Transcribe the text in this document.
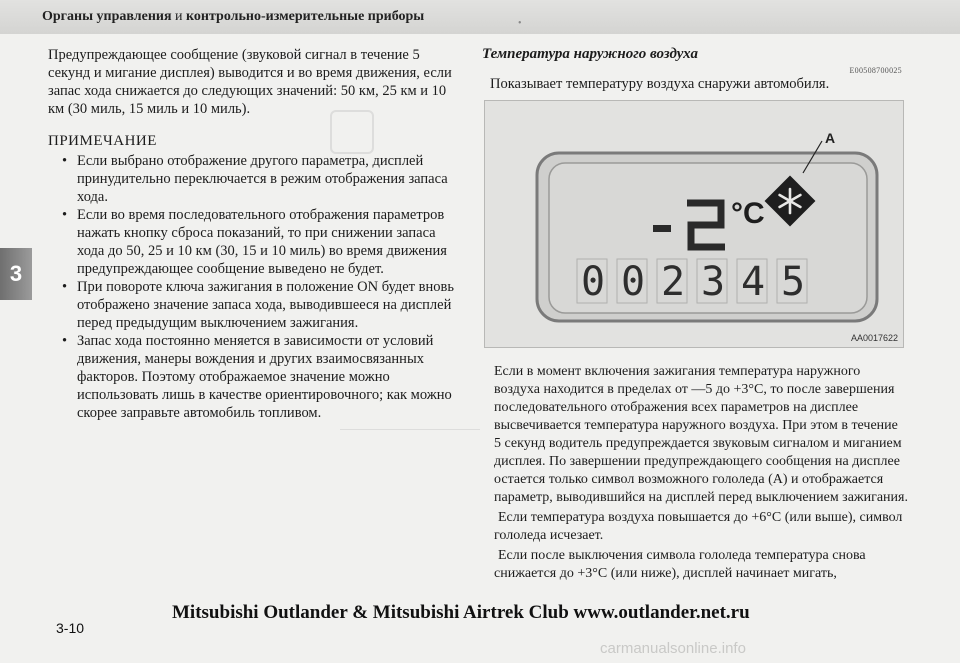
Органы управления и контрольно-измерительные приборы	•
3

Предупреждающее сообщение (звуковой сигнал в течение 5 секунд и мигание дисплея) выводится и во время движения, если запас хода снижается до следующих значений: 50 км, 25 км и 10 км (30 миль, 15 миль и 10 миль).

ПРИМЕЧАНИЕ

• Если выбрано отображение другого параметра, дисплей принудительно переключается в режим отображения запаса хода.
• Если во время последовательного отображения параметров нажать кнопку сброса показаний, то при снижении запаса хода до 50, 25 и 10 км (30, 15 и 10 миль) во время движения предупреждающее сообщение выведено не будет.
• При повороте ключа зажигания в положение ON будет вновь отображено значение запаса хода, выводившееся на дисплей перед предыдущим выключением зажигания.
• Запас хода постоянно меняется в зависимости от условий движения, манеры вождения и других взаимосвязанных факторов. Поэтому отображаемое значение можно использовать лишь в качестве ориентировочного; как можно скорее заправьте автомобиль топливом.
Температура наружного воздуха
E00508700025
Показывает температуру воздуха снаружи автомобиля.
A
°C
0 0 2 3 4 5
AA0017622

Если в момент включения зажигания температура наружного воздуха находится в пределах от —5 до +3°C, то после завершения последовательного отображения всех параметров на дисплее высвечивается температура наружного воздуха. При этом в течение 5 секунд водитель предупреждается звуковым сигналом и миганием дисплея. По завершении предупреждающего сообщения на дисплее остается только символ возможного гололеда (А) и отображается параметр, выводившийся на дисплей перед выключением зажигания.

Если температура воздуха повышается до +6°C (или выше), символ гололеда исчезает.

Если после выключения символа гололеда температура снова снижается до +3°C (или ниже), дисплей начинает мигать,

3-10
Mitsubishi Outlander & Mitsubishi Airtrek Club www.outlander.net.ru
carmanualsonline.info
